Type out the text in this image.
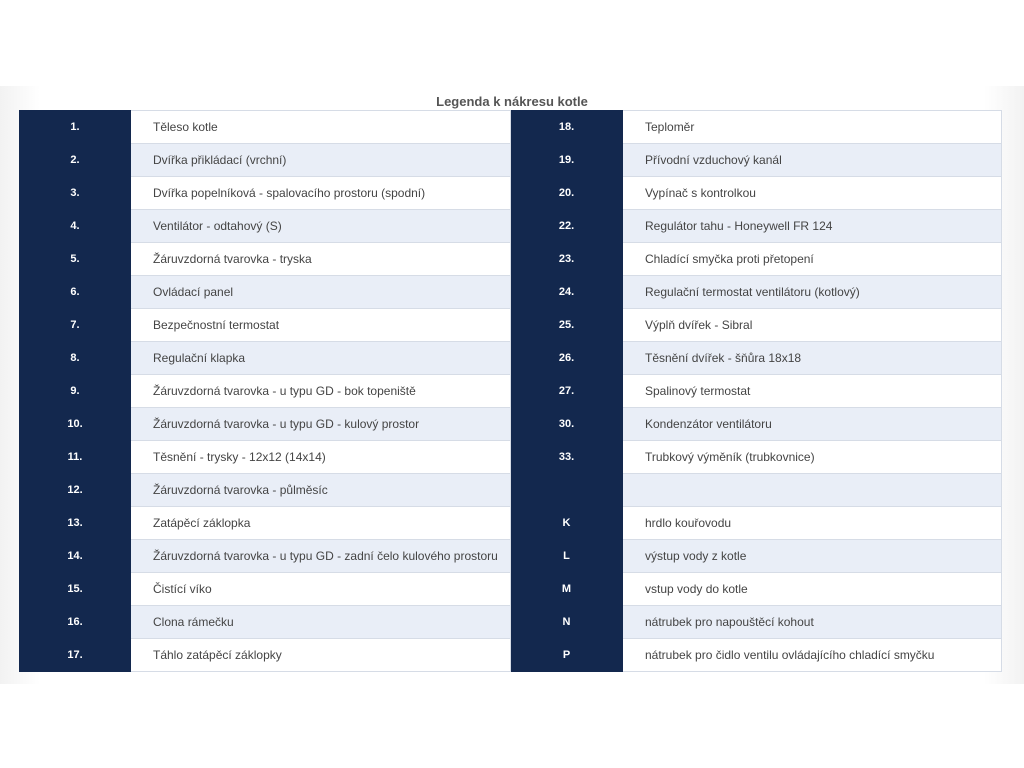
Legenda k nákresu kotle
1.	Těleso kotle	18.	Teploměr
2.	Dvířka přikládací (vrchní)	19.	Přívodní vzduchový kanál
3.	Dvířka popelníková - spalovacího prostoru (spodní)	20.	Vypínač s kontrolkou
4.	Ventilátor - odtahový (S)	22.	Regulátor tahu - Honeywell FR 124
5.	Žáruvzdorná tvarovka - tryska	23.	Chladící smyčka proti přetopení
6.	Ovládací panel	24.	Regulační termostat ventilátoru (kotlový)
7.	Bezpečnostní termostat	25.	Výplň dvířek - Sibral
8.	Regulační klapka	26.	Těsnění dvířek - šňůra 18x18
9.	Žáruvzdorná tvarovka - u typu GD - bok topeniště	27.	Spalinový termostat
10.	Žáruvzdorná tvarovka - u typu GD - kulový prostor	30.	Kondenzátor ventilátoru
11.	Těsnění - trysky - 12x12 (14x14)	33.	Trubkový výměník (trubkovnice)
12.	Žáruvzdorná tvarovka - půlměsíc		
13.	Zatápěcí záklopka	K	hrdlo kouřovodu
14.	Žáruvzdorná tvarovka - u typu GD - zadní čelo kulového prostoru	L	výstup vody z kotle
15.	Čistící víko	M	vstup vody do kotle
16.	Clona rámečku	N	nátrubek pro napouštěcí kohout
17.	Táhlo zatápěcí záklopky	P	nátrubek pro čidlo ventilu ovládajícího chladící smyčku
